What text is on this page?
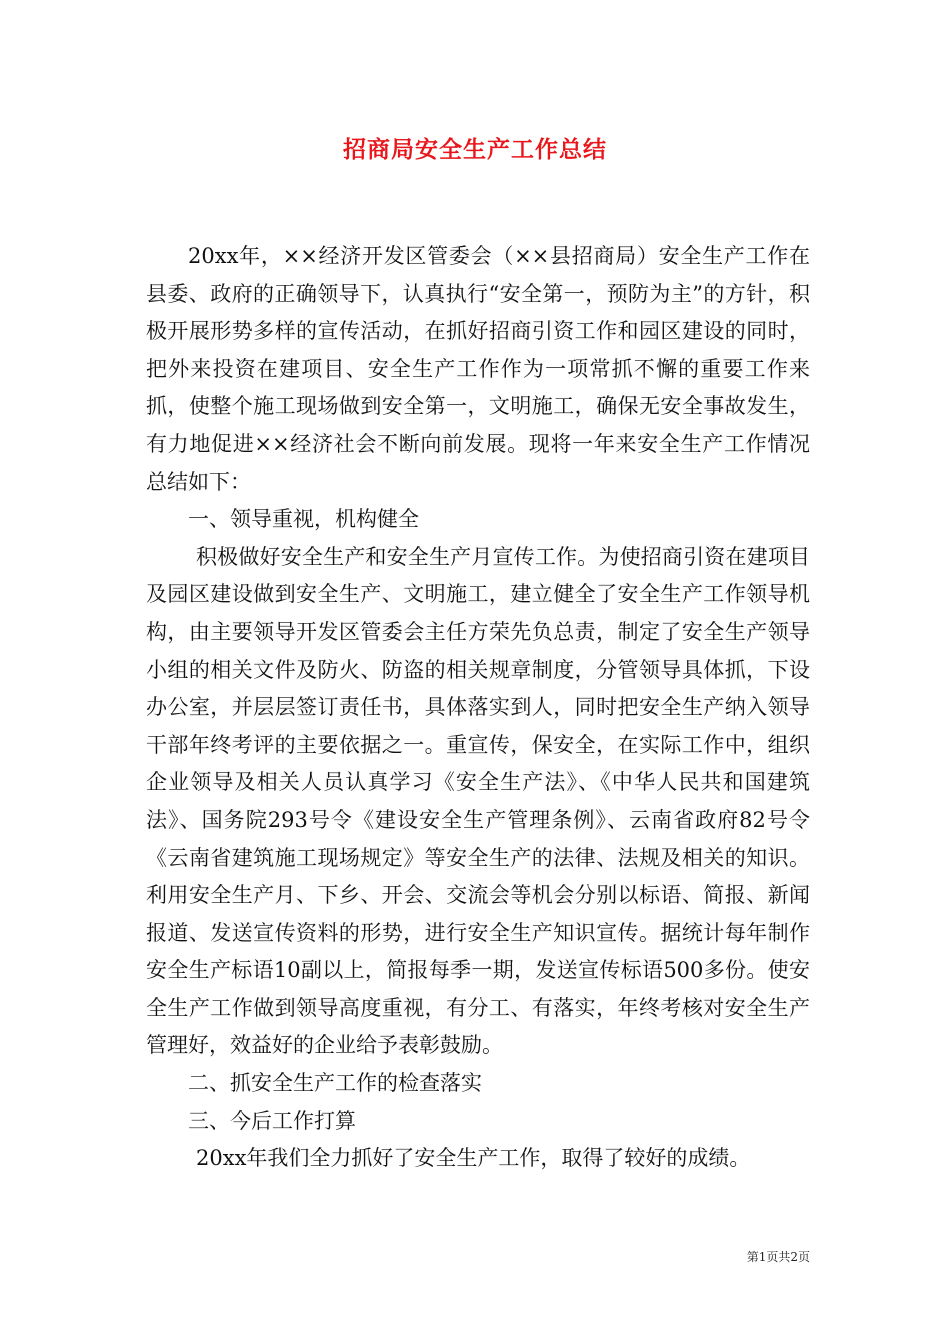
招商局安全生产工作总结

20xx年，××经济开发区管委会（××县招商局）安全生产工作在县委、政府的正确领导下，认真执行“安全第一，预防为主”的方针，积极开展形势多样的宣传活动，在抓好招商引资工作和园区建设的同时，把外来投资在建项目、安全生产工作作为一项常抓不懈的重要工作来抓，使整个施工现场做到安全第一，文明施工，确保无安全事故发生，有力地促进××经济社会不断向前发展。现将一年来安全生产工作情况总结如下：

一、领导重视，机构健全

积极做好安全生产和安全生产月宣传工作。为使招商引资在建项目及园区建设做到安全生产、文明施工，建立健全了安全生产工作领导机构，由主要领导开发区管委会主任方荣先负总责，制定了安全生产领导小组的相关文件及防火、防盗的相关规章制度，分管领导具体抓，下设办公室，并层层签订责任书，具体落实到人，同时把安全生产纳入领导干部年终考评的主要依据之一。重宣传，保安全，在实际工作中，组织企业领导及相关人员认真学习《安全生产法》、《中华人民共和国建筑法》、国务院293号令《建设安全生产管理条例》、云南省政府82号令《云南省建筑施工现场规定》等安全生产的法律、法规及相关的知识。利用安全生产月、下乡、开会、交流会等机会分别以标语、简报、新闻报道、发送宣传资料的形势，进行安全生产知识宣传。据统计每年制作安全生产标语10副以上，简报每季一期，发送宣传标语500多份。使安全生产工作做到领导高度重视，有分工、有落实，年终考核对安全生产管理好，效益好的企业给予表彰鼓励。

二、抓安全生产工作的检查落实

三、今后工作打算

20xx年我们全力抓好了安全生产工作，取得了较好的成绩。

第1页共2页
